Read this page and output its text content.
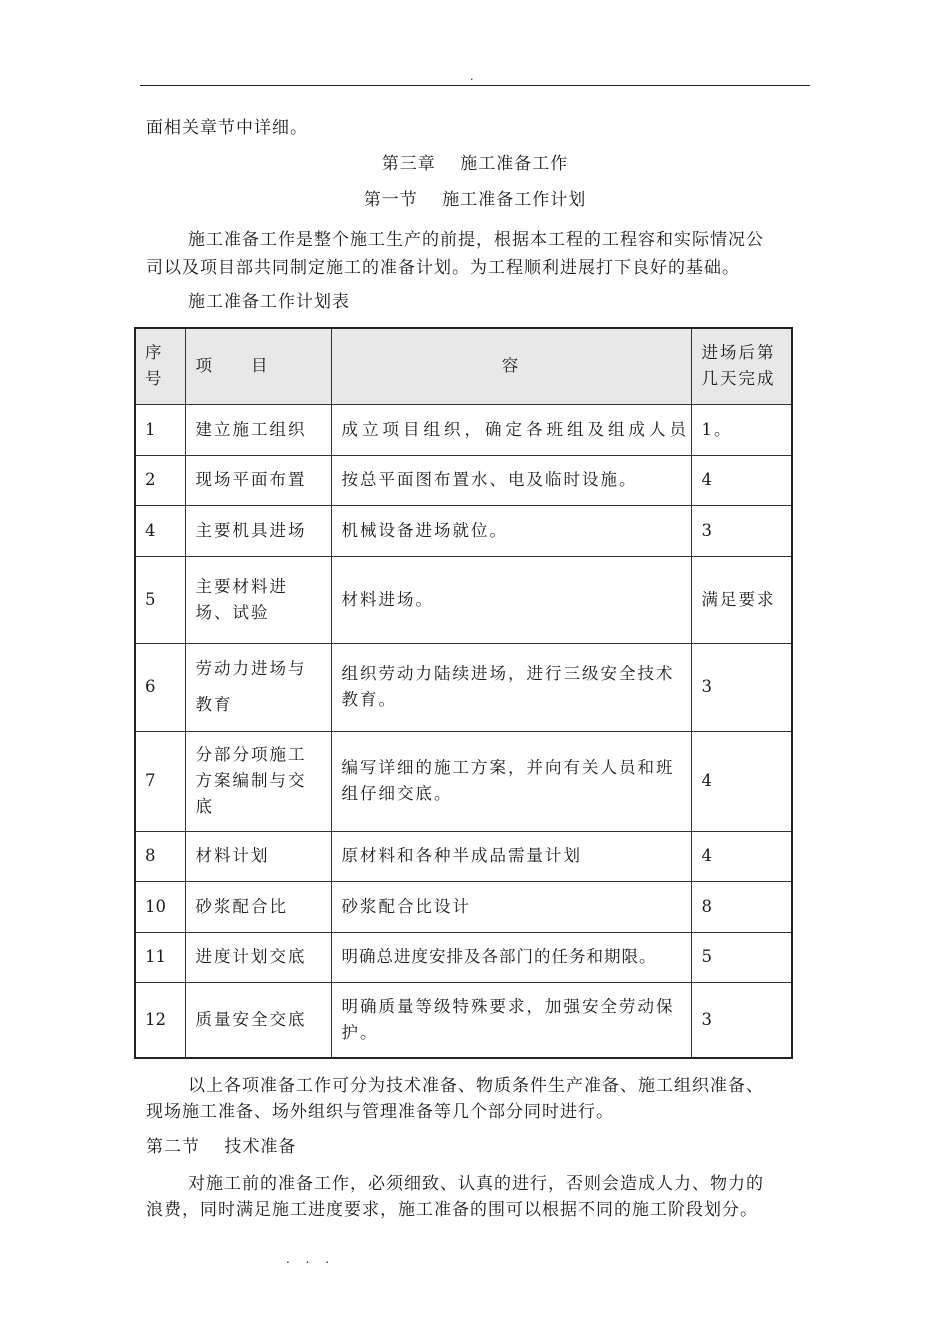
.
面相关章节中详细。
第三章　 施工准备工作
第一节　 施工准备工作计划
施工准备工作是整个施工生产的前提，根据本工程的工程容和实际情况公
司以及项目部共同制定施工的准备计划。为工程顺利进展打下良好的基础。
施工准备工作计划表
序号	项　　目	容	进场后第几天完成
1	建立施工组织	成立项目组织，确定各班组及组成人员	1。
2	现场平面布置	按总平面图布置水、电及临时设施。	4
4	主要机具进场	机械设备进场就位。	3
5	主要材料进场、试验	材料进场。	满足要求
6	劳动力进场与教育	组织劳动力陆续进场，进行三级安全技术教育。	3
7	分部分项施工方案编制与交底	编写详细的施工方案，并向有关人员和班组仔细交底。	4
8	材料计划	原材料和各种半成品需量计划	4
10	砂浆配合比	砂浆配合比设计	8
11	进度计划交底	明确总进度安排及各部门的任务和期限。	5
12	质量安全交底	明确质量等级特殊要求，加强安全劳动保护。	3
以上各项准备工作可分为技术准备、物质条件生产准备、施工组织准备、
现场施工准备、场外组织与管理准备等几个部分同时进行。
第二节　 技术准备
对施工前的准备工作，必须细致、认真的进行，否则会造成人力、物力的
浪费，同时满足施工进度要求，施工准备的围可以根据不同的施工阶段划分。
. . .
